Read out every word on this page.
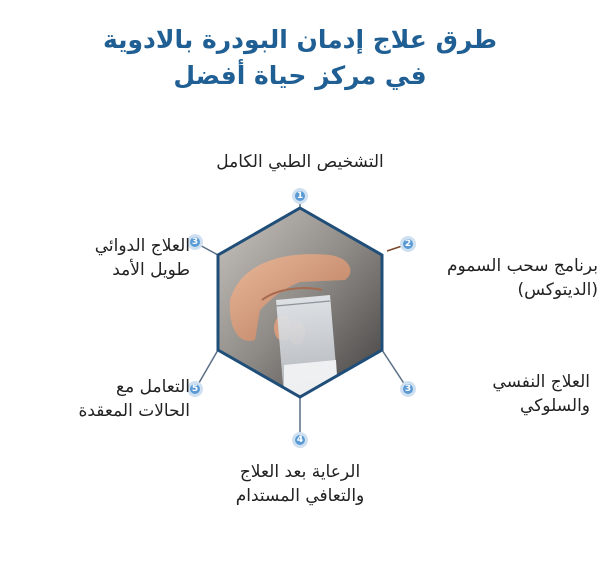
طرق علاج إدمان البودرة بالادوية
في مركز حياة أفضل
1
2
3
4
5
3
التشخيص الطبي الكامل
برنامج سحب السموم
(الديتوكس)
العلاج النفسي
والسلوكي
الرعاية بعد العلاج
والتعافي المستدام
التعامل مع
الحالات المعقدة
العلاج الدوائي
طويل الأمد
